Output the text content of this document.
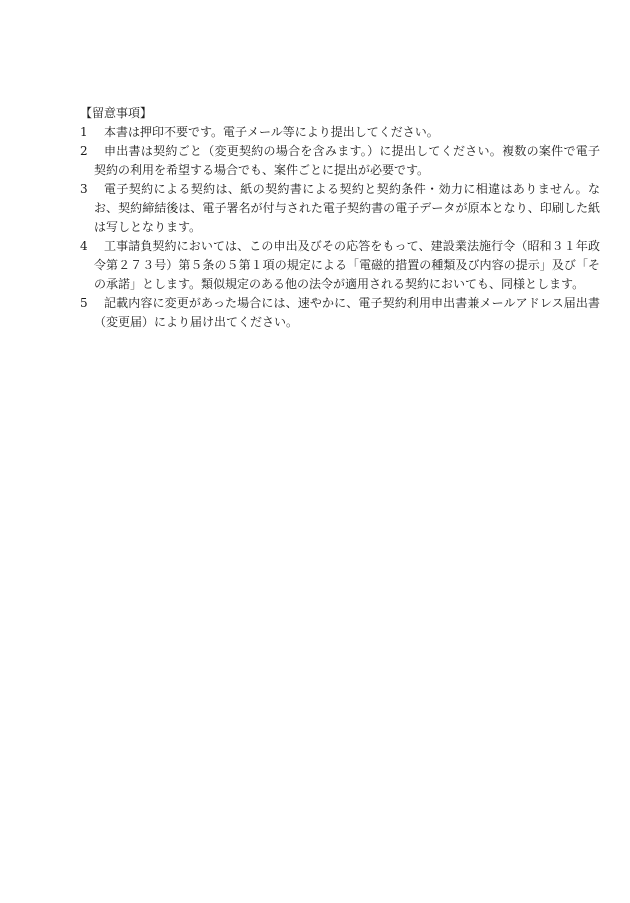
【留意事項】

1	本書は押印不要です。電子メール等により提出してください。
2	申出書は契約ごと（変更契約の場合を含みます。）に提出してください。複数の案件で電子契約の利用を希望する場合でも、案件ごとに提出が必要です。
3	電子契約による契約は、紙の契約書による契約と契約条件・効力に相違はありません。なお、契約締結後は、電子署名が付与された電子契約書の電子データが原本となり、印刷した紙は写しとなります。
4	工事請負契約においては、この申出及びその応答をもって、建設業法施行令（昭和３１年政令第２７３号）第５条の５第１項の規定による「電磁的措置の種類及び内容の提示」及び「その承諾」とします。類似規定のある他の法令が適用される契約においても、同様とします。
5	記載内容に変更があった場合には、速やかに、電子契約利用申出書兼メールアドレス届出書（変更届）により届け出てください。
